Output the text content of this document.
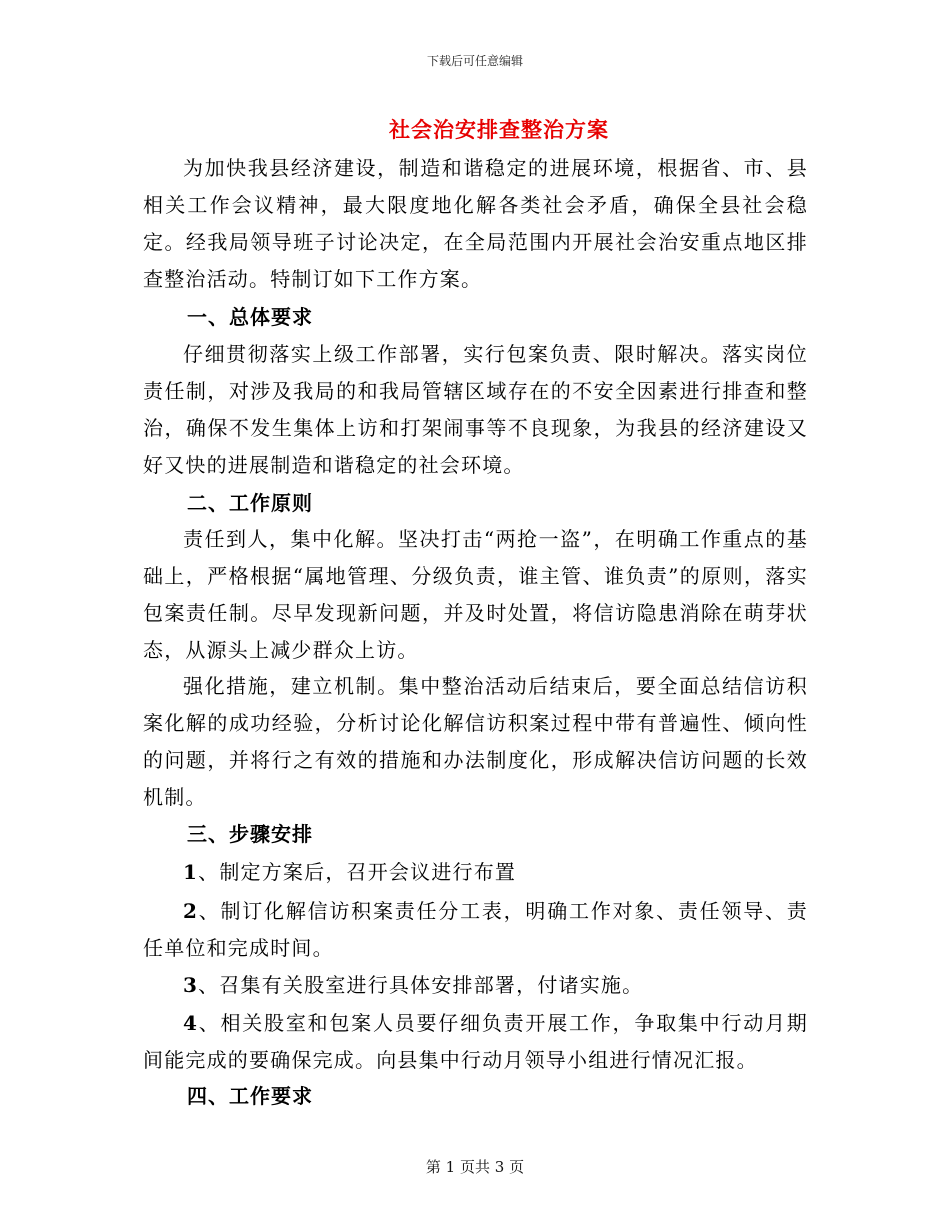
下载后可任意编辑
社会治安排查整治方案

为加快我县经济建设，制造和谐稳定的进展环境，根据省、市、县相关工作会议精神，最大限度地化解各类社会矛盾，确保全县社会稳定。经我局领导班子讨论决定，在全局范围内开展社会治安重点地区排查整治活动。特制订如下工作方案。

一、总体要求

仔细贯彻落实上级工作部署，实行包案负责、限时解决。落实岗位责任制，对涉及我局的和我局管辖区域存在的不安全因素进行排查和整治，确保不发生集体上访和打架闹事等不良现象，为我县的经济建设又好又快的进展制造和谐稳定的社会环境。

二、工作原则

责任到人，集中化解。坚决打击“两抢一盗”，在明确工作重点的基础上，严格根据“属地管理、分级负责，谁主管、谁负责”的原则，落实包案责任制。尽早发现新问题，并及时处置，将信访隐患消除在萌芽状态，从源头上减少群众上访。

强化措施，建立机制。集中整治活动后结束后，要全面总结信访积案化解的成功经验，分析讨论化解信访积案过程中带有普遍性、倾向性的问题，并将行之有效的措施和办法制度化，形成解决信访问题的长效机制。

三、步骤安排

1、制定方案后，召开会议进行布置

2、制订化解信访积案责任分工表，明确工作对象、责任领导、责任单位和完成时间。

3、召集有关股室进行具体安排部署，付诸实施。

4、相关股室和包案人员要仔细负责开展工作，争取集中行动月期间能完成的要确保完成。向县集中行动月领导小组进行情况汇报。

四、工作要求

第 1 页共 3 页
